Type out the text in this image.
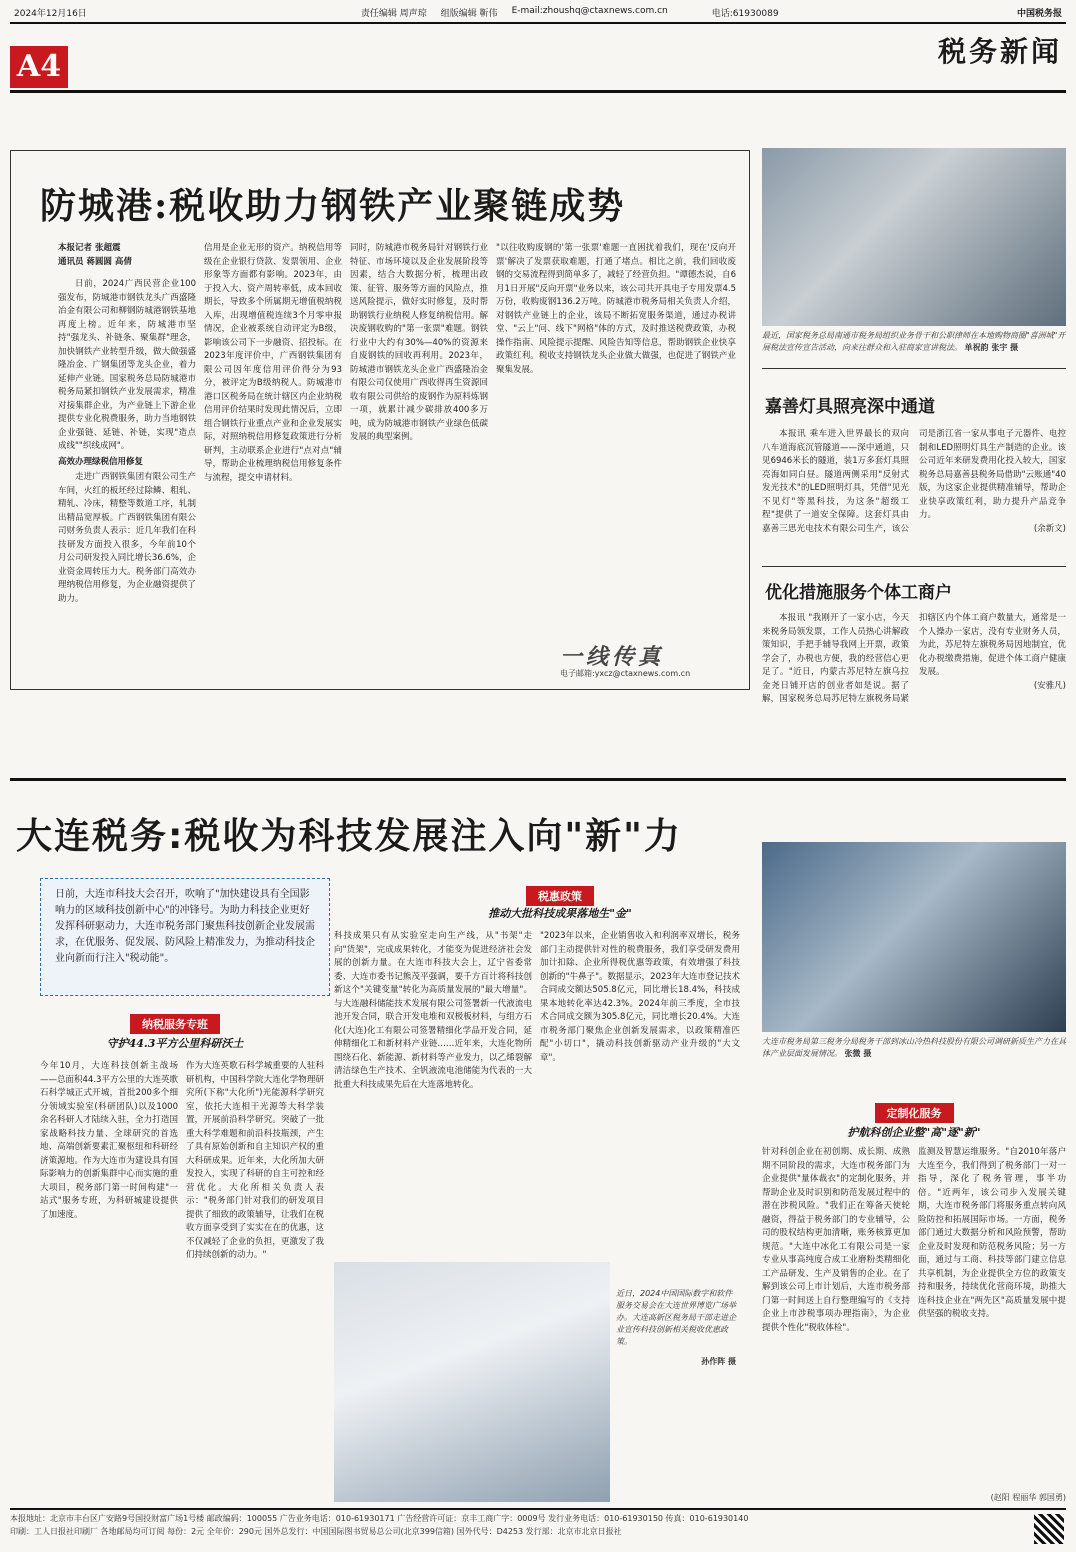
2024年12月16日	责任编辑 周声琼 组版编辑 靳伟 E-mail:zhoushq@ctaxnews.com.cn	电话:61930089	中国税务报
A4	税务新闻
防城港:税收助力钢铁产业聚链成势
本报记者 张超震
通讯员 蒋圆圆 高倩

日前，2024广西民营企业100强发布，防城港市钢铁龙头广西盛隆冶金有限公司和柳钢防城港钢铁基地再度上榜。近年来，防城港市坚持"强龙头、补链条、聚集群"理念，加快钢铁产业转型升级，做大做强盛隆冶金、广钢集团等龙头企业，着力延伸产业链。国家税务总局防城港市税务局紧扣钢铁产业发展需求，精准对接集群企业，为产业链上下游企业提供专业化税费服务，助力当地钢铁企业强链、延链、补链，实现"造点成线""织线成网"。

高效办理绿税信用修复

走进广西钢铁集团有限公司生产车间，火红的板坯经过除鳞、粗轧、精轧、冷床，精整等数道工序，轧制出精品宽厚板。广西钢铁集团有限公司财务负责人表示：近几年我们在科技研发方面投入很多，今年前10个月公司研发投入同比增长36.6%，企业资金周转压力大。税务部门高效办理纳税信用修复，为企业融资提供了助力。

信用是企业无形的资产。纳税信用等级在企业银行贷款、发票领用、企业形象等方面都有影响。2023年，由于投入大、资产周转率低，成本回收期长，导致多个所属期无增值税纳税入库，出现增值税连续3个月零申报情况，企业被系统自动评定为B级，影响该公司下一步融资、招投标。在2023年度评价中，广西钢铁集团有限公司因年度信用评价得分为93分，被评定为B级纳税人。防城港市港口区税务局在统计辖区内企业纳税信用评价结果时发现此情况后，立即组合钢铁行业重点产业和企业发展实际，对照纳税信用修复政策进行分析研判，主动联系企业进行"点对点"辅导，帮助企业梳理纳税信用修复条件与流程，提交申请材料。
同时，防城港市税务局针对钢铁行业特征、市场环境以及企业发展阶段等因素，结合大数据分析，梳理出政策、征管、服务等方面的风险点，推送风险提示，做好实时修复，及时帮助钢铁行业纳税人修复纳税信用。解决废钢收购的"第一张票"难题。钢铁行业中大约有30%—40%的资源来自废钢铁的回收再利用。2023年，防城港市钢铁龙头企业广西盛隆冶金有限公司仅使用广西收得再生资源回收有限公司供给的废钢作为原料炼钢一项，就累计减少碳排放400多万吨，成为防城港市钢铁产业绿色低碳发展的典型案例。
"以往收购废钢的'第一张票'难题一直困扰着我们，现在'反向开票'解决了发票获取难题，打通了堵点。相比之前，我们回收废钢的交易流程得到简单多了，减轻了经营负担。"谭德杰说，自6月1日开展"反向开票"业务以来，该公司共开具电子专用发票4.5万份，收购废钢136.2万吨。防城港市税务局相关负责人介绍，对钢铁产业链上的企业，该局不断拓宽服务渠道，通过办税讲堂、"云上"问、线下"网格"体的方式，及时推送税费政策，办税操作指南、风险提示提醒、风险告知等信息，帮助钢铁企业快享政策红利。税收支持钢铁龙头企业做大做强，也促进了钢铁产业聚集发展。
一线传真
电子邮箱:yxcz@ctaxnews.com.cn
最近，国家税务总局南通市税务局组织业务骨干和公职律师在本地购物商圈"喜洲城"开展税法宣传宣告活动，向来往群众和入驻商家宣讲税法。 单祝韵 张宇 摄
嘉善灯具照亮深中通道

本报讯 乘车进入世界最长的双向八车道海底沉管隧道——深中通道，只见6946米长的隧道，装1万多套灯具照亮海如同白昼。隧道两侧采用"反射式发光技术"的LED照明灯具，凭借"见光不见灯"等黑科技，为这条"超级工程"提供了一道安全保障。这套灯具由嘉善三思光电技术有限公司生产，该公司是浙江省一家从事电子元器件、电控制和LED照明灯具生产制造的企业。该公司近年来研发费用化投入较大，国家税务总局嘉善县税务局借助"云账通"40版，为这家企业提供精准辅导，帮助企业快享政策红利，助力提升产品竞争力。

(余新文)

优化措施服务个体工商户

本报讯 "我刚开了一家小店，今天来税务局领发票，工作人员热心讲解政策知识，手把手辅导我网上开票，政策学会了，办税也方便，我的经营信心更足了。"近日，内蒙古苏尼特左旗乌拉金尧日铺开店的创业者如是说。据了解，国家税务总局苏尼特左旗税务局紧扣辖区内个体工商户数量大，通常是一个人操办一家店，没有专业财务人员，为此，苏尼特左旗税务局因地制宜，优化办税缴费措施，促进个体工商户健康发展。

(安雅凡)

大连税务:税收为科技发展注入向"新"力
日前，大连市科技大会召开，吹响了"加快建设具有全国影响力的区域科技创新中心"的冲锋号。为助力科技企业更好发挥科研驱动力，大连市税务部门聚焦科技创新企业发展需求，在优服务、促发展、防风险上精准发力，为推动科技企业向新而行注入"税动能"。
纳税服务专班
守护44.3平方公里科研沃土
今年10月，大连科技创新主战场——总面积44.3平方公里的大连英歌石科学城正式开城，首批200多个细分领域实验室(科研团队)以及1000余名科研人才陆续入驻，全力打造国家战略科技力量、全球研究的首选地、高端创新要素汇聚枢纽和科研经济策源地。作为大连市为建设具有国际影响力的创新集群中心而实施的重大项目，税务部门第一时间构建"一站式"服务专班，为科研城建设提供了加速度。
作为大连英歌石科学城重要的人驻科研机构，中国科学院大连化学物理研究所(下称"大化所")光能源科学研究室，依托大连相干光源等大科学装置，开展前沿科学研究。突破了一批重大科学难题和前沿科技瓶颈，产生了具有原始创新和自主知识产权的重大科研成果。近年来，大化所加大研发投入，实现了科研的自主可控和经营优化。大化所相关负责人表示："税务部门针对我们的研发项目提供了细致的政策辅导，让我们在税收方面享受到了实实在在的优惠，这不仅减轻了企业的负担，更激发了我们持续创新的动力。"
税惠政策
推动大批科技成果落地生"金"
科技成果只有从实验室走向生产线，从"书架"走向"货架"，完成成果转化，才能变为促进经济社会发展的创新力量。在大连市科技大会上，辽宁省委常委、大连市委书记熊茂平强调，要千方百计将科技创新这个"关键变量"转化为高质量发展的"最大增量"。与大连融科储能技术发展有限公司签署新一代液流电池开发合同，联合开发电堆和双极板材料，与组方石化(大连)化工有限公司签署精细化学品开发合同，延伸精细化工和新材料产业链……近年来，大连化物所围绕石化、新能源、新材料等产业发力，以乙烯裂解清洁绿色生产技术、全钒液流电池储能为代表的一大批重大科技成果先后在大连落地转化。
"2023年以来，企业销售收入和利润率双增长，税务部门主动提供针对性的税费服务，我们享受研发费用加计扣除、企业所得税优惠等政策，有效增强了科技创新的"牛鼻子"。数据显示，2023年大连市登记技术合同成交额达505.8亿元，同比增长18.4%，科技成果本地转化率达42.3%。2024年前三季度，全市技术合同成交额为305.8亿元，同比增长20.4%。大连市税务部门聚焦企业创新发展需求，以政策精准匹配"小切口"，撬动科技创新驱动产业升级的"大文章"。
近日，2024中国国际数字和软件服务交易会在大连世界博览广场举办。大连高新区税务局干部走进企业宣传科技创新相关税收优惠政策。
孙作阵 摄
大连市税务局第三税务分局税务干部到冰山冷热科技股份有限公司调研新质生产力在具体产业层面发展情况。 张微 摄
定制化服务
护航科创企业整"高"逐"新"
针对科创企业在初创期、成长期、成熟期不同阶段的需求，大连市税务部门为企业提供"量体裁衣"的定制化服务，并帮助企业及时识别和防范发展过程中的潜在涉税风险。"我们正在筹备天使轮融资，得益于税务部门的专业辅导，公司的股权结构更加清晰，账务核算更加规范。"大连中冰化工有限公司是一家专业从事高纯度合成工业磨粉类精细化工产品研发、生产及销售的企业。在了解到该公司上市计划后，大连市税务部门第一时间送上自行整理编写的《支持企业上市涉税事项办理指南》，为企业提供个性化"税收体检"。
监测及智慧运维服务。"自2010年落户大连至今，我们得到了税务部门一对一指导，深化了税务管理，事半功倍。"近两年，该公司步入发展关键期，大连市税务部门将服务重点转向风险防控和拓展国际市场。一方面，税务部门通过大数据分析和风险预警，帮助企业及时发现和防范税务风险；另一方面，通过与工商、科技等部门建立信息共享机制，为企业提供全方位的政策支持和服务，持续优化营商环境，助推大连科技企业在"两先区"高质量发展中提供坚强的税收支持。
(赵阳 程丽华 郭国勇)
本报地址：北京市丰台区广安路9号国投财富广场1号楼 邮政编码：100055 广告业务电话：010-61930171 广告经营许可证：京丰工商广字：0009号 发行业务电话：010-61930150 传真：010-61930140
印刷：工人日报社印刷厂 各地邮局均可订阅 每份：2元 全年价：290元 国外总发行：中国国际图书贸易总公司(北京399信箱) 国外代号：D4253 发行部：北京市北京日报社
